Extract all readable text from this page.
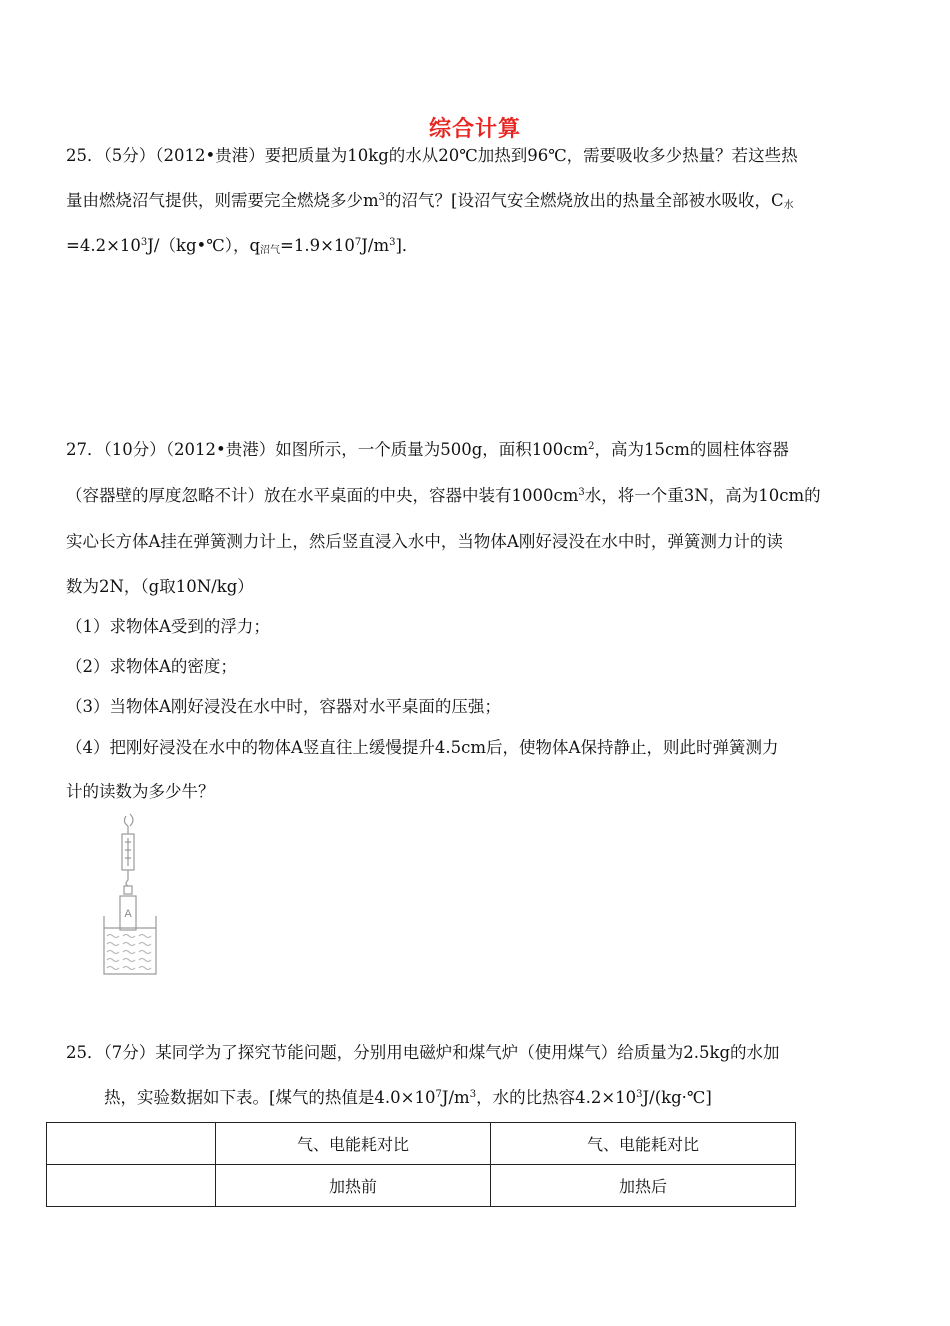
综合计算
25．（5分）（2012•贵港）要把质量为10kg的水从20℃加热到96℃，需要吸收多少热量？若这些热
量由燃烧沼气提供，则需要完全燃烧多少$m^3$的沼气？[设沼气安全燃烧放出的热量全部被水吸收，$C_水$
$=4.2\times 10^3J/(kg•℃)$，$q_{沼气}=1.9\times 10^7J/m^3$]．
27．（10分）（2012•贵港）如图所示，一个质量为500g，面积$100cm^2$，高为15cm的圆柱体容器
（容器壁的厚度忽略不计）放在水平桌面的中央，容器中装有$1000cm^3$水，将一个重3N，高为10cm的
实心长方体A挂在弹簧测力计上，然后竖直浸入水中，当物体A刚好浸没在水中时，弹簧测力计的读
数为2N，（g取10N/kg）
（1）求物体A受到的浮力；
（2）求物体A的密度；
（3）当物体A刚好浸没在水中时，容器对水平桌面的压强；
（4）把刚好浸没在水中的物体A竖直往上缓慢提升4.5cm后，使物体A保持静止，则此时弹簧测力
计的读数为多少牛？
A
25．（7分）某同学为了探究节能问题，分别用电磁炉和煤气炉（使用煤气）给质量为2.5kg的水加
热，实验数据如下表。[煤气的热值是$4.0\times 10^7J/m^3$，水的比热容$4.2\times 10^3J/(kg\cdot℃]$
	气、电能耗对比	气、电能耗对比
	加热前	加热后
